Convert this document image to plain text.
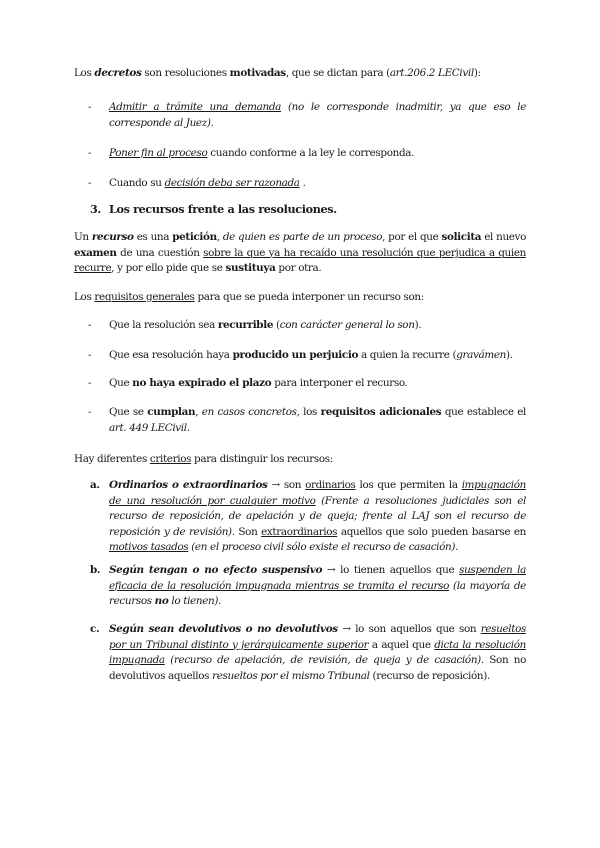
Los decretos son resoluciones motivadas, que se dictan para (art.206.2 LECivil):

- Admitir a trámite una demanda (no le corresponde inadmitir, ya que eso le corresponde al Juez).

- Poner fin al proceso cuando conforme a la ley le corresponda.

- Cuando su decisión deba ser razonada .

3. Los recursos frente a las resoluciones.

Un recurso es una petición, de quien es parte de un proceso, por el que solicita el nuevo examen de una cuestión sobre la que ya ha recaído una resolución que perjudica a quien recurre, y por ello pide que se sustituya por otra.

Los requisitos generales para que se pueda interponer un recurso son:

- Que la resolución sea recurrible (con carácter general lo son).

- Que esa resolución haya producido un perjuicio a quien la recurre (gravámen).

- Que no haya expirado el plazo para interponer el recurso.

- Que se cumplan, en casos concretos, los requisitos adicionales que establece el art. 449 LECivil.

Hay diferentes criterios para distinguir los recursos:

a. Ordinarios o extraordinarios → son ordinarios los que permiten la impugnación de una resolución por cualquier motivo (Frente a resoluciones judiciales son el recurso de reposición, de apelación y de queja; frente al LAJ son el recurso de reposición y de revisión). Son extraordinarios aquellos que solo pueden basarse en motivos tasados (en el proceso civil sólo existe el recurso de casación).

b. Según tengan o no efecto suspensivo → lo tienen aquellos que suspenden la eficacia de la resolución impugnada mientras se tramita el recurso (la mayoría de recursos no lo tienen).

c. Según sean devolutivos o no devolutivos → lo son aquellos que son resueltos por un Tribunal distinto y jerárquicamente superior a aquel que dicta la resolución impugnada (recurso de apelación, de revisión, de queja y de casación). Son no devolutivos aquellos resueltos por el mismo Tribunal (recurso de reposición).
